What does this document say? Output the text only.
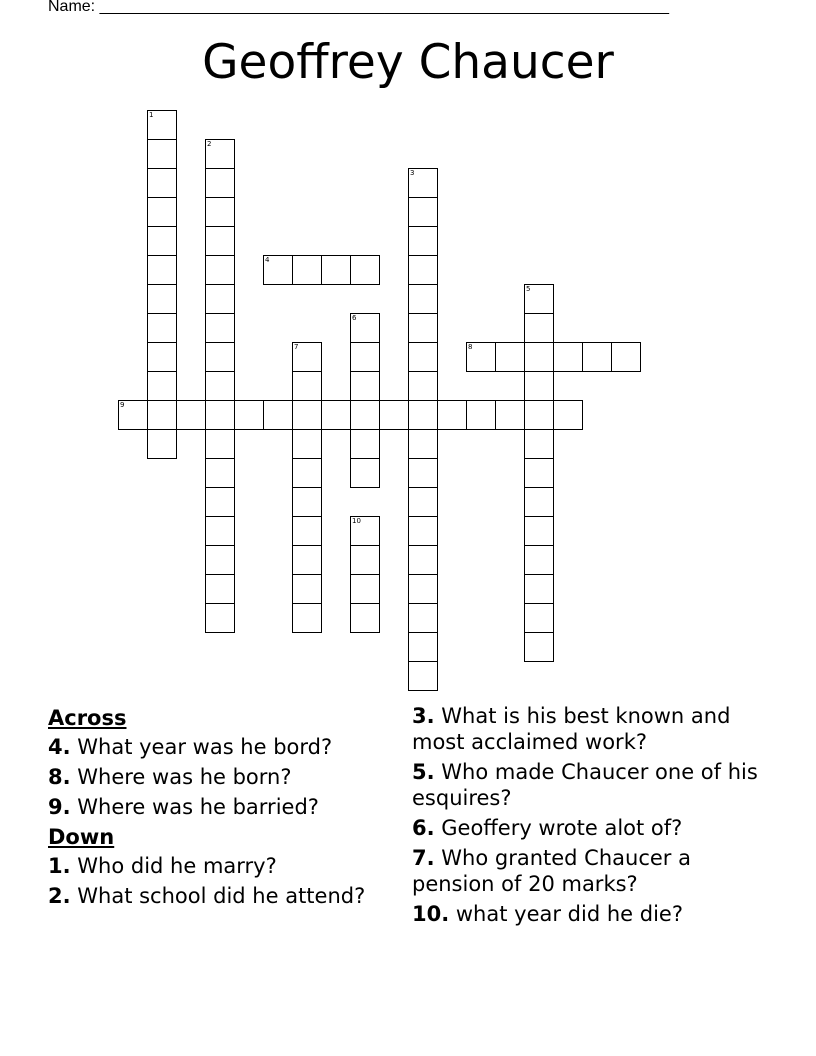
Name: ________________________________________________________________
Geoffrey Chaucer
1
2
3
4
5
6
7	8
9
10
Across
4. What year was he bord?
8. Where was he born?
9. Where was he barried?
Down
1. Who did he marry?
2. What school did he attend?
3. What is his best known and most acclaimed work?
5. Who made Chaucer one of his esquires?
6. Geoffery wrote alot of?
7. Who granted Chaucer a pension of 20 marks?
10. what year did he die?
